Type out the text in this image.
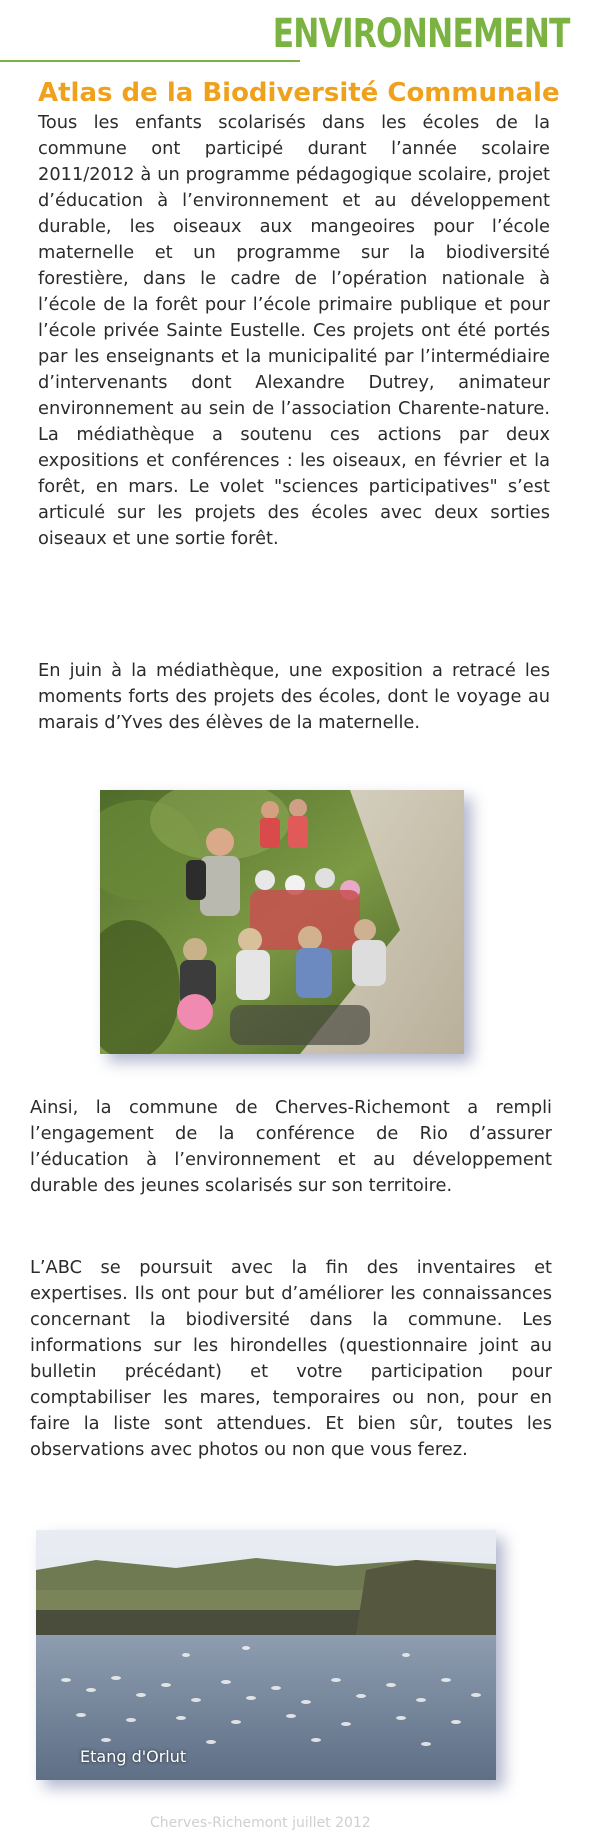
ENVIRONNEMENT
Atlas de la Biodiversité Communale

Tous les enfants scolarisés dans les écoles de la commune ont participé durant l’année scolaire 2011/2012 à un programme pédagogique scolaire, projet d’éducation à l’environnement et au développement durable, les oiseaux aux mangeoires pour l’école maternelle et un programme sur la biodiversité forestière, dans le cadre de l’opération nationale à l’école de la forêt pour l’école primaire publique et pour l’école privée Sainte Eustelle. Ces projets ont été portés par les enseignants et la municipalité par l’intermédiaire d’intervenants dont Alexandre Dutrey, animateur environnement au sein de l’association Charente-nature. La médiathèque a soutenu ces actions par deux expositions et conférences : les oiseaux, en février et la forêt, en mars. Le volet "sciences participatives" s’est articulé sur les projets des écoles avec deux sorties oiseaux et une sortie forêt.

En juin à la médiathèque, une exposition a retracé les moments forts des projets des écoles, dont le voyage au marais d’Yves des élèves de la maternelle.

Ainsi, la commune de Cherves-Richemont a rempli l’engagement de la conférence de Rio d’assurer l’éducation à l’environnement et au développement durable des jeunes scolarisés sur son territoire.

L’ABC se poursuit avec la fin des inventaires et expertises. Ils ont pour but d’améliorer les connaissances concernant la biodiversité dans la commune. Les informations sur les hirondelles (questionnaire joint au bulletin précédant) et votre participation pour comptabiliser les mares, temporaires ou non, pour en faire la liste sont attendues. Et bien sûr, toutes les observations avec photos ou non que vous ferez.

Etang d'Orlut
Cherves-Richemont juillet 2012
